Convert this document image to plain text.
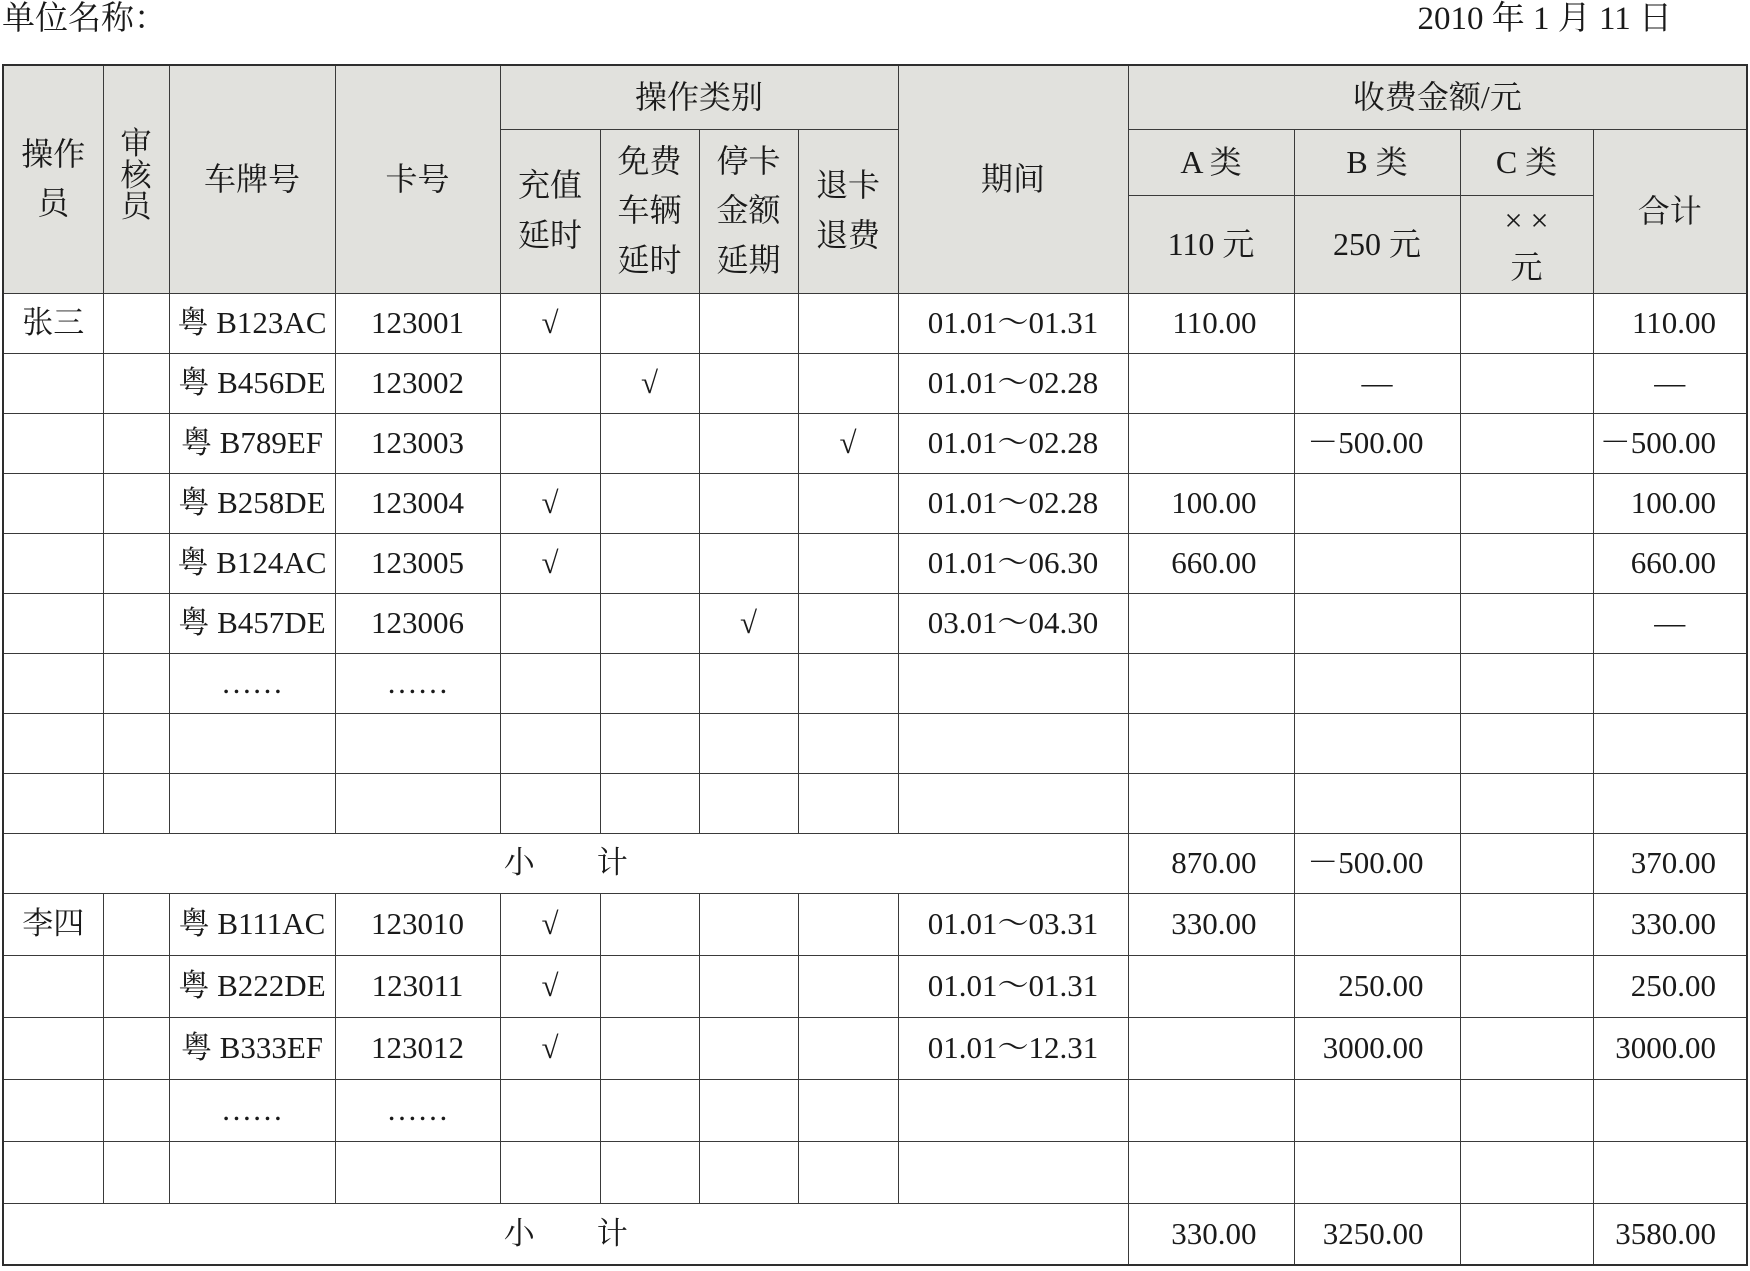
单位名称：	2010 年 1 月 11 日
操作员	审核员	车牌号	卡号	操作类别				期间	收费金额/元			
				充值延时	免费车辆延时	停卡金额延期	退卡退费		A 类	B 类	C 类	合计
									110 元	250 元	× × 元	
张三		粤 B123AC	123001	√				01.01～01.31	110.00			110.00
		粤 B456DE	123002		√			01.01～02.28		—		—
		粤 B789EF	123003				√	01.01～02.28		－500.00		－500.00
		粤 B258DE	123004	√				01.01～02.28	100.00			100.00
		粤 B124AC	123005	√				01.01～06.30	660.00			660.00
		粤 B457DE	123006			√		03.01～04.30				—
		……	……									

小　　计									870.00	－500.00		370.00
李四		粤 B111AC	123010	√				01.01～03.31	330.00			330.00
		粤 B222DE	123011	√				01.01～01.31		250.00		250.00
		粤 B333EF	123012	√				01.01～12.31		3000.00		3000.00
		……	……									

小　　计									330.00	3250.00		3580.00
